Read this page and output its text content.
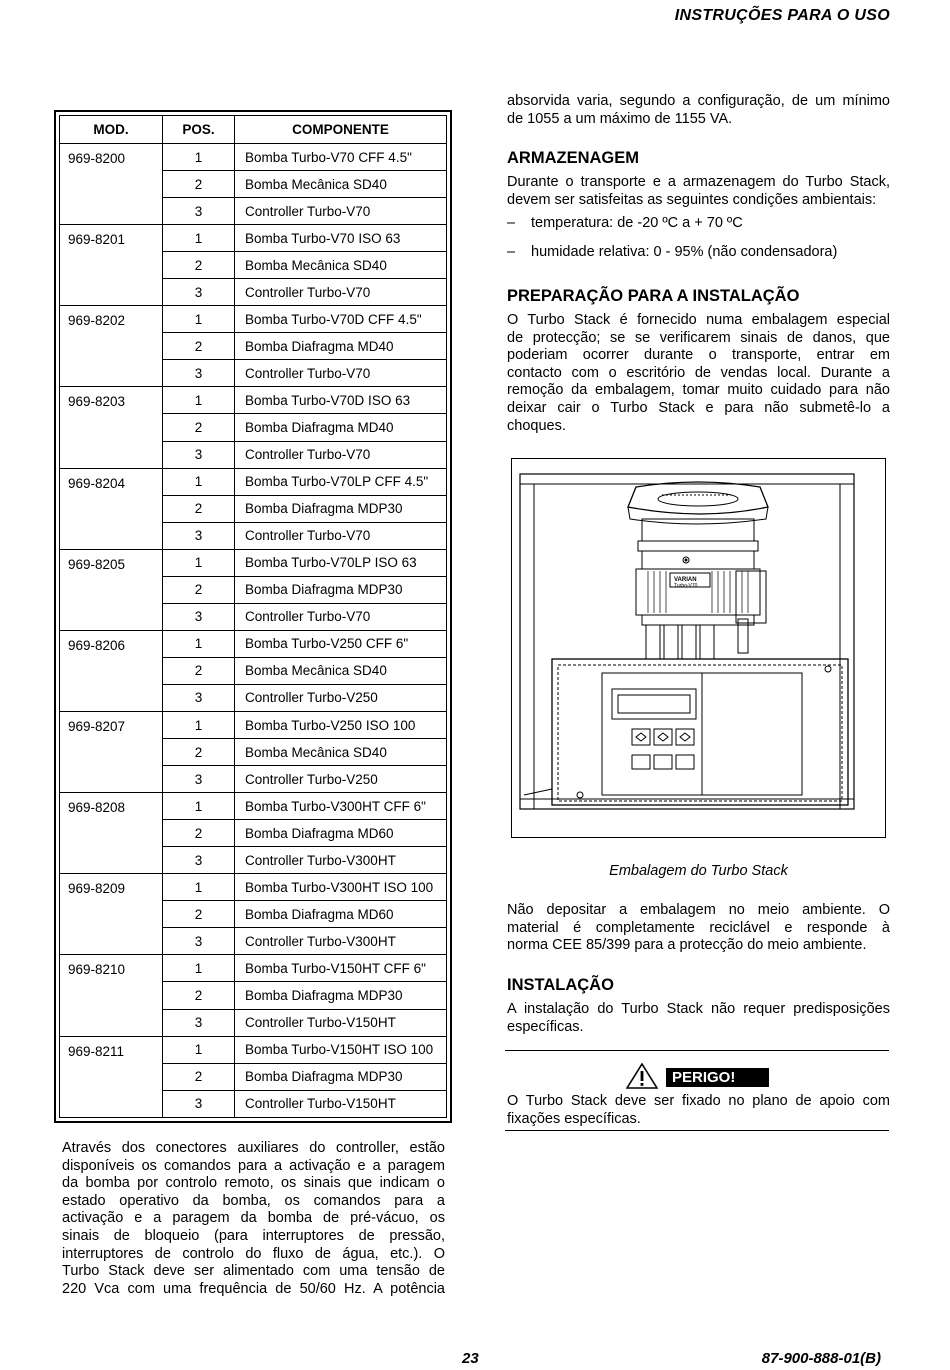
INSTRUÇÕES PARA O USO
MOD.	POS.	COMPONENTE
969-8200	1	Bomba Turbo-V70 CFF 4.5"
	2	Bomba Mecânica SD40
	3	Controller Turbo-V70
969-8201	1	Bomba Turbo-V70 ISO 63
	2	Bomba Mecânica SD40
	3	Controller Turbo-V70
969-8202	1	Bomba Turbo-V70D CFF 4.5"
	2	Bomba Diafragma MD40
	3	Controller Turbo-V70
969-8203	1	Bomba Turbo-V70D ISO 63
	2	Bomba Diafragma MD40
	3	Controller Turbo-V70
969-8204	1	Bomba Turbo-V70LP CFF 4.5"
	2	Bomba Diafragma MDP30
	3	Controller Turbo-V70
969-8205	1	Bomba Turbo-V70LP ISO 63
	2	Bomba Diafragma MDP30
	3	Controller Turbo-V70
969-8206	1	Bomba Turbo-V250 CFF 6"
	2	Bomba Mecânica SD40
	3	Controller Turbo-V250
969-8207	1	Bomba Turbo-V250 ISO 100
	2	Bomba Mecânica SD40
	3	Controller Turbo-V250
969-8208	1	Bomba Turbo-V300HT CFF 6"
	2	Bomba Diafragma MD60
	3	Controller Turbo-V300HT
969-8209	1	Bomba Turbo-V300HT ISO 100
	2	Bomba Diafragma MD60
	3	Controller Turbo-V300HT
969-8210	1	Bomba Turbo-V150HT CFF 6"
	2	Bomba Diafragma MDP30
	3	Controller Turbo-V150HT
969-8211	1	Bomba Turbo-V150HT ISO 100
	2	Bomba Diafragma MDP30
	3	Controller Turbo-V150HT
Através dos conectores auxiliares do controller, estão
disponíveis os comandos para a activação e a paragem
da bomba por controlo remoto, os sinais que indicam o
estado operativo da bomba, os comandos para a
activação e a paragem da bomba de pré-vácuo, os
sinais de bloqueio (para interruptores de pressão,
interruptores de controlo do fluxo de água, etc.). O
Turbo Stack deve ser alimentado com uma tensão de
220 Vca com uma frequência de 50/60 Hz. A potência
absorvida varia, segundo a configuração, de um mínimo
de 1055 a um máximo de 1155 VA.
ARMAZENAGEM
Durante o transporte e a armazenagem do Turbo Stack,
devem ser satisfeitas as seguintes condições ambientais:
– temperatura: de -20 ºC a + 70 ºC
– humidade relativa: 0 - 95% (não condensadora)
PREPARAÇÃO PARA A INSTALAÇÃO
O Turbo Stack é fornecido numa embalagem especial
de protecção; se se verificarem sinais de danos, que
poderiam ocorrer durante o transporte, entrar em
contacto com o escritório de vendas local. Durante a
remoção da embalagem, tomar muito cuidado para não
deixar cair o Turbo Stack e para não submetê-lo a
choques.
VARIAN
Turbo-V70
Embalagem do Turbo Stack
Não depositar a embalagem no meio ambiente. O
material é completamente reciclável e responde à
norma CEE 85/399 para a protecção do meio ambiente.
INSTALAÇÃO
A instalação do Turbo Stack não requer predisposições
específicas.
PERIGO!
O Turbo Stack deve ser fixado no plano de apoio com
fixações específicas.
23	87-900-888-01(B)
